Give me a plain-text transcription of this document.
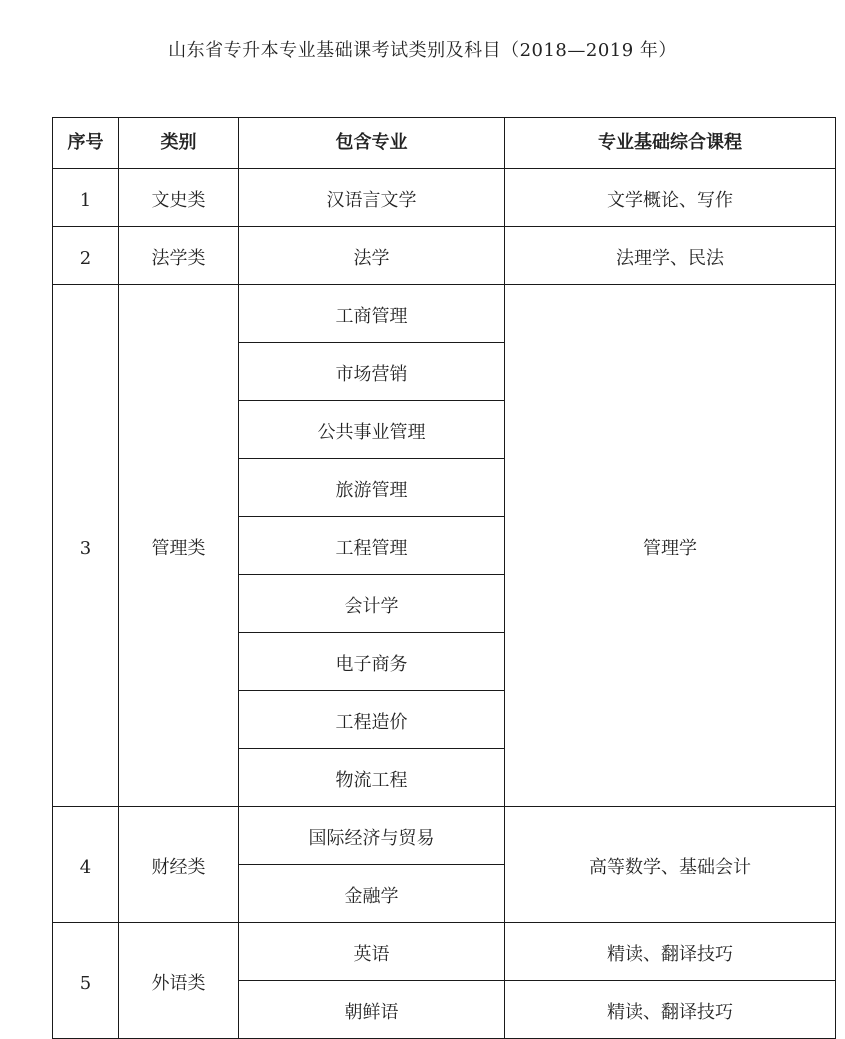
山东省专升本专业基础课考试类别及科目（2018—2019 年）
序号	类别	包含专业	专业基础综合课程
1	文史类	汉语言文学	文学概论、写作
2	法学类	法学	法理学、民法
3	管理类	工商管理	管理学
		市场营销	
		公共事业管理	
		旅游管理	
		工程管理	
		会计学	
		电子商务	
		工程造价	
		物流工程	
4	财经类	国际经济与贸易	高等数学、基础会计
		金融学	
5	外语类	英语	精读、翻译技巧
		朝鲜语	精读、翻译技巧
